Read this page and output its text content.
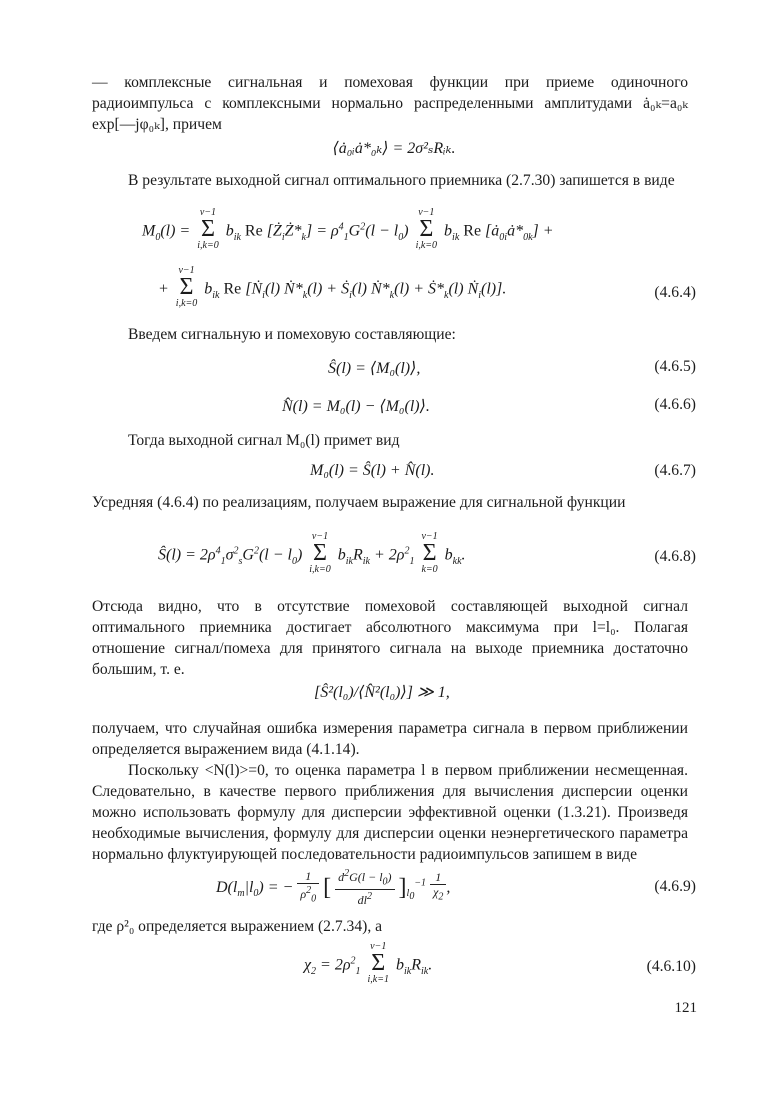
— комплексные сигнальная и помеховая функции при приеме одиночного радиоимпульса с комплексными нормально распределенными амплитудами ȧ₀ₖ=a₀ₖ exp[—jφ₀ₖ], причем

⟨ȧ₀ᵢȧ*₀ₖ⟩ = 2σ²ₛRᵢₖ.

В результате выходной сигнал оптимального приемника (2.7.30) запишется в виде

$M_0(l)$ =
ν−1
Σ
i,k=0
$b_{ik}$ Re $[Ż_iŻ*_k] = \rho^4_1G^2(l - l_0)$
ν−1
Σ
i,k=0
$b_{ik}$ Re $[ȧ_{0i}ȧ*_{0k}]$ +
+
ν−1
Σ
i,k=0
$b_{ik}$ Re [Ṅ$_i$(l) $Ṅ*_k(l)$ + Ṡ$_i$(l) $Ṅ*_k(l)$ + $Ṡ*_k(l)$ Ṅ$_i$(l)].	(4.6.4)

Введем сигнальную и помеховую составляющие:

Ŝ(l) = ⟨M₀(l)⟩,	(4.6.5)
N̂(l) = M₀(l) − ⟨M₀(l)⟩.	(4.6.6)

Тогда выходной сигнал M₀(l) примет вид

M₀(l) = Ŝ(l) + N̂(l).	(4.6.7)

Усредняя (4.6.4) по реализациям, получаем выражение для сигнальной функции

Ŝ(l) = $2\rho^4_1\sigma^2_sG^2(l - l_0)$
ν−1
Σ
i,k=0
$b_{ik}R_{ik} + 2\rho^2_1$
ν−1
Σ
k=0
$b_{kk}$.	(4.6.8)

Отсюда видно, что в отсутствие помеховой составляющей выходной сигнал оптимального приемника достигает абсолютного максимума при l=l₀. Полагая отношение сигнал/помеха для принятого сигнала на выходе приемника достаточно большим, т. е.

[Ŝ²(l₀)/⟨N̂²(l₀)⟩] ≫ 1,

получаем, что случайная ошибка измерения параметра сигнала в первом приближении определяется выражением вида (4.1.14).

Поскольку <N(l)>=0, то оценка параметра l в первом приближении несмещенная. Следовательно, в качестве первого приближения для вычисления дисперсии оценки можно использовать формулу для дисперсии эффективной оценки (1.3.21). Произведя необходимые вычисления, формулу для дисперсии оценки неэнергетического параметра нормально флуктуирующей последовательности радиоимпульсов запишем в виде

$D(l_m|l_0)$ = − $\frac{1}{\rho^2_0}$ [ $\frac{d^2G(l - l_0)}{dl^2} ]_{l_0}^{-1} \frac{1}{\chi_2}$ ,	(4.6.9)

где ρ²₀ определяется выражением (2.7.34), а

$\chi_2 = 2\rho^2_1$
ν−1
Σ
i,k=1
$b_{ik}R_{ik}$.	(4.6.10)
121
